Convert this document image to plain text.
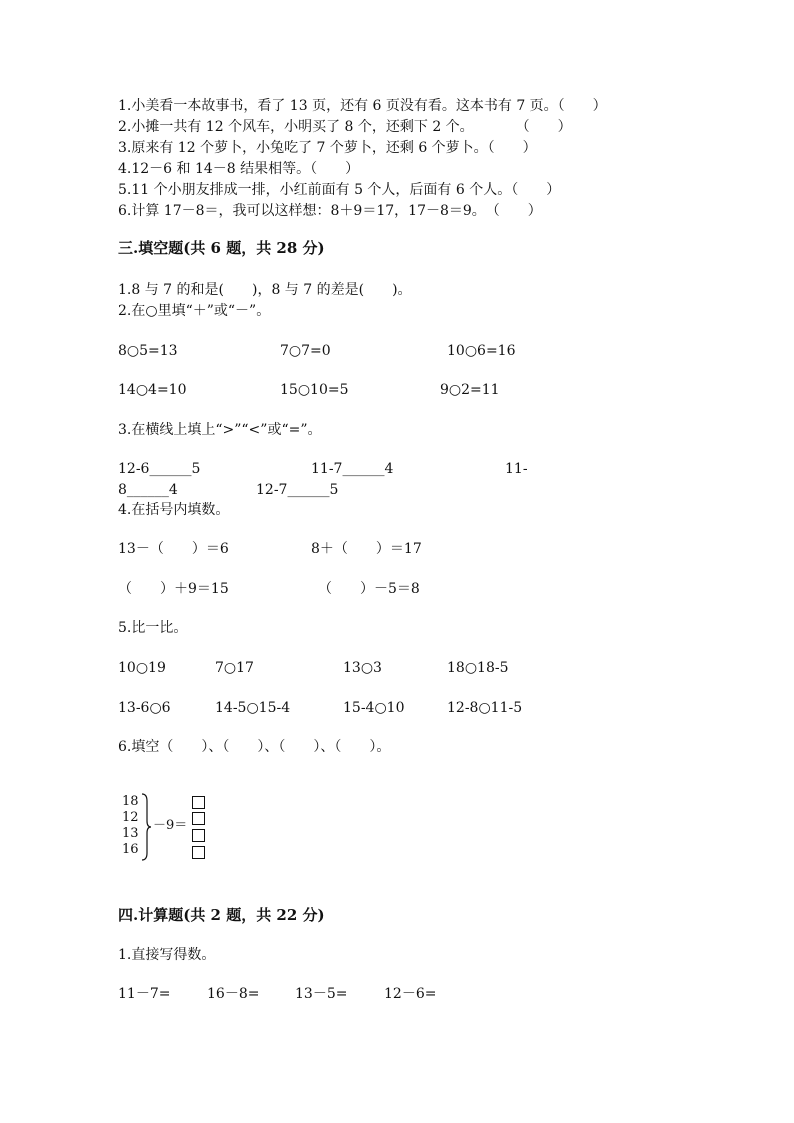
1.小美看一本故事书，看了 13 页，还有 6 页没有看。这本书有 7 页。（　　）
2.小摊一共有 12 个风车，小明买了 8 个，还剩下 2 个。　　　　（　　）
3.原来有 12 个萝卜，小兔吃了 7 个萝卜，还剩 6 个萝卜。（　　）
4.12－6 和 14－8 结果相等。（　　）
5.11 个小朋友排成一排，小红前面有 5 个人，后面有 6 个人。（　　）
6.计算 17－8＝，我可以这样想：8＋9＝17，17－8＝9。　（　　）
三.填空题(共 6 题，共 28 分)
1.8 与 7 的和是(　　)，8 与 7 的差是(　　)。
2.在○里填“＋”或“－”。
8○5=13	7○7=0	10○6=16
14○4=10	15○10=5	9○2=11
3.在横线上填上“>”“<”或“=”。
12-6______5	11-7______4	11-
8______4	12-7______5
4.在括号内填数。
13－（　　）＝6	8＋（　　）＝17
（　　）＋9＝15	（　　）－5＝8
5.比一比。
10○19	7○17	13○3	18○18-5
13-6○6	14-5○15-4	15-4○10	12-8○11-5
6.填空（　　）、（　　）、（　　）、（　　）。
18
12
13
16
－9＝
四.计算题(共 2 题，共 22 分)
1.直接写得数。
11－7=	16－8=	13－5=	12－6=
